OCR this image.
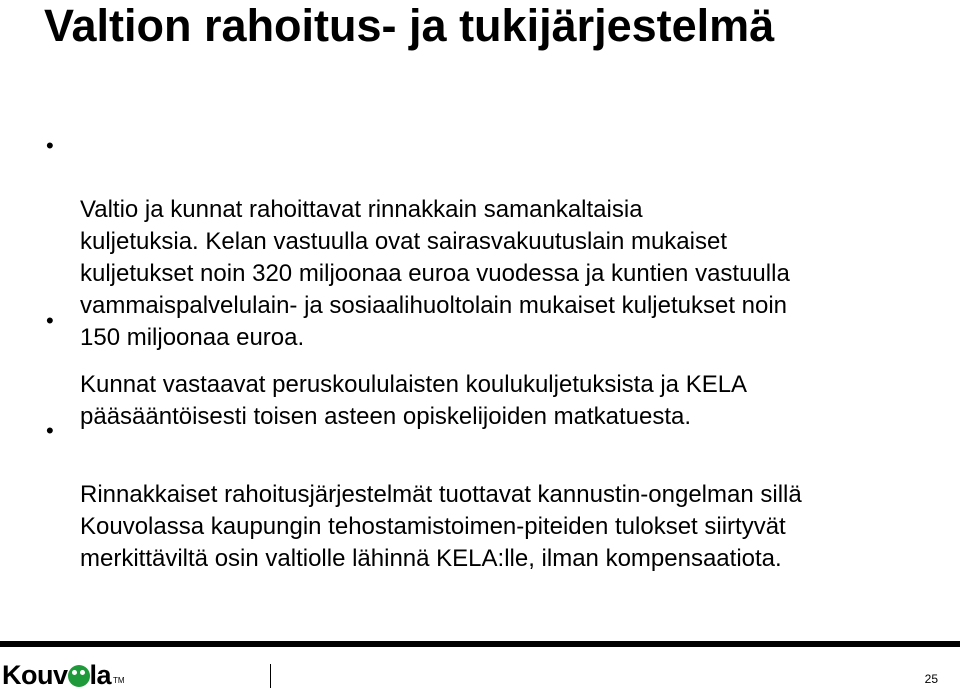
Valtion rahoitus- ja tukijärjestelmä

•

Valtio ja kunnat rahoittavat rinnakkain samankaltaisia
kuljetuksia. Kelan vastuulla ovat sairasvakuutuslain mukaiset
kuljetukset noin 320 miljoonaa euroa vuodessa ja kuntien vastuulla
vammaispalvelulain- ja sosiaalihuoltolain mukaiset kuljetukset noin
150 miljoonaa euroa.

•

Kunnat vastaavat peruskoululaisten koulukuljetuksista ja KELA
pääsääntöisesti toisen asteen opiskelijoiden matkatuesta.

•

Rinnakkaiset rahoitusjärjestelmät tuottavat kannustin-ongelman sillä
Kouvolassa kaupungin tehostamistoimen-piteiden tulokset siirtyvät
merkittäviltä osin valtiolle lähinnä KELA:lle, ilman kompensaatiota.

Kouv la TM	25
